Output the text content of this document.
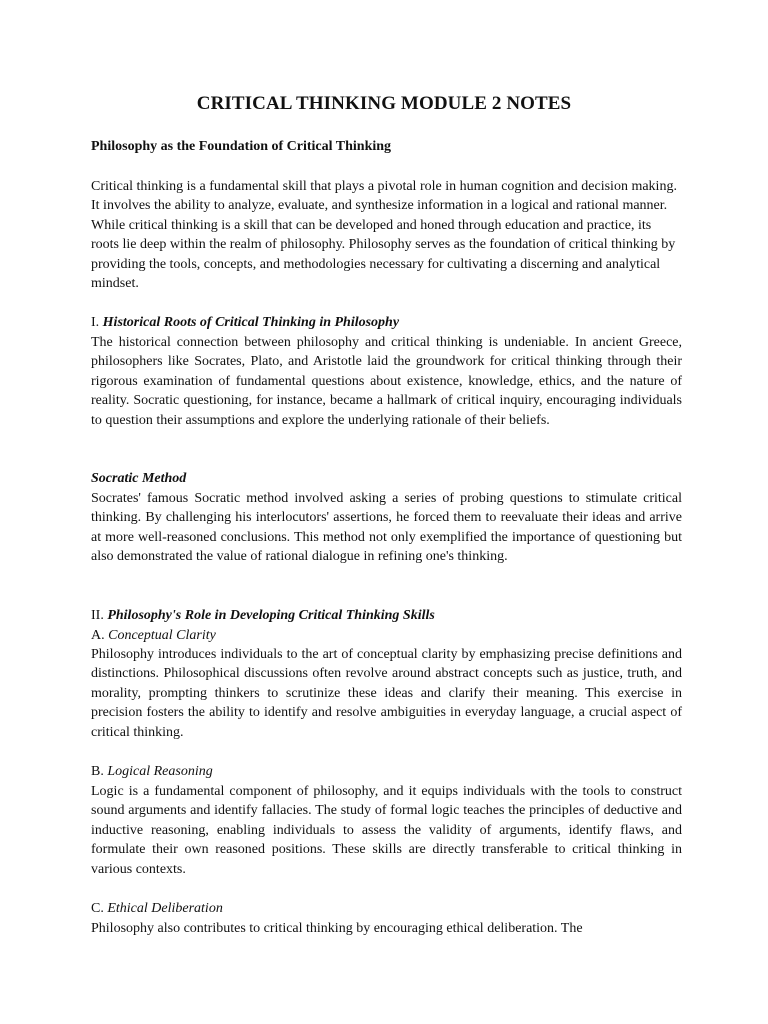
CRITICAL THINKING MODULE 2 NOTES

Philosophy as the Foundation of Critical Thinking

Critical thinking is a fundamental skill that plays a pivotal role in human cognition and decision making. It involves the ability to analyze, evaluate, and synthesize information in a logical and rational manner. While critical thinking is a skill that can be developed and honed through education and practice, its roots lie deep within the realm of philosophy. Philosophy serves as the foundation of critical thinking by providing the tools, concepts, and methodologies necessary for cultivating a discerning and analytical mindset.

I. Historical Roots of Critical Thinking in Philosophy

The historical connection between philosophy and critical thinking is undeniable. In ancient Greece, philosophers like Socrates, Plato, and Aristotle laid the groundwork for critical thinking through their rigorous examination of fundamental questions about existence, knowledge, ethics, and the nature of reality. Socratic questioning, for instance, became a hallmark of critical inquiry, encouraging individuals to question their assumptions and explore the underlying rationale of their beliefs.

Socratic Method

Socrates' famous Socratic method involved asking a series of probing questions to stimulate critical thinking. By challenging his interlocutors' assertions, he forced them to reevaluate their ideas and arrive at more well-reasoned conclusions. This method not only exemplified the importance of questioning but also demonstrated the value of rational dialogue in refining one's thinking.

II. Philosophy's Role in Developing Critical Thinking Skills

A. Conceptual Clarity

Philosophy introduces individuals to the art of conceptual clarity by emphasizing precise definitions and distinctions. Philosophical discussions often revolve around abstract concepts such as justice, truth, and morality, prompting thinkers to scrutinize these ideas and clarify their meaning. This exercise in precision fosters the ability to identify and resolve ambiguities in everyday language, a crucial aspect of critical thinking.

B. Logical Reasoning

Logic is a fundamental component of philosophy, and it equips individuals with the tools to construct sound arguments and identify fallacies. The study of formal logic teaches the principles of deductive and inductive reasoning, enabling individuals to assess the validity of arguments, identify flaws, and formulate their own reasoned positions. These skills are directly transferable to critical thinking in various contexts.

C. Ethical Deliberation

Philosophy also contributes to critical thinking by encouraging ethical deliberation. The
